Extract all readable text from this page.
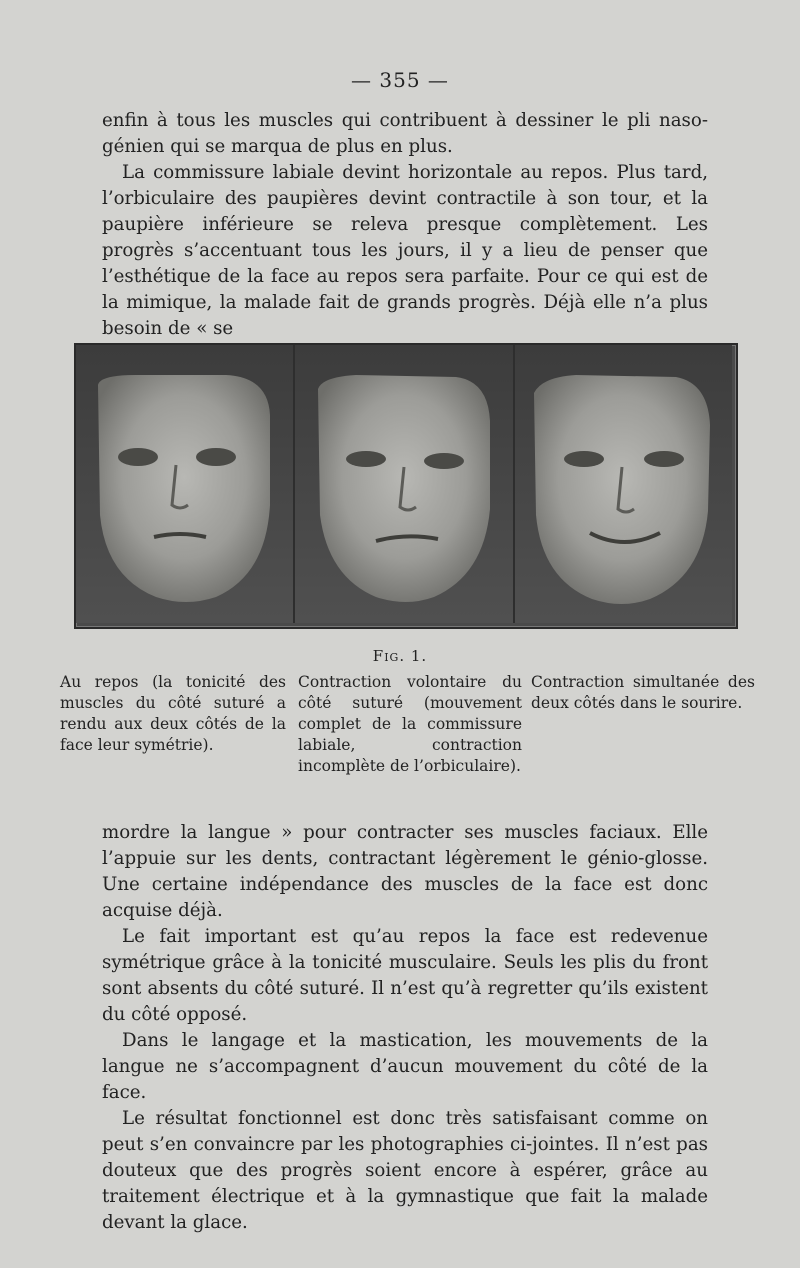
— 355 —

enfin à tous les muscles qui contribuent à dessiner le pli naso-génien qui se marqua de plus en plus.

La commissure labiale devint horizontale au repos. Plus tard, l’orbiculaire des paupières devint contractile à son tour, et la paupière inférieure se releva presque complètement. Les progrès s’accentuant tous les jours, il y a lieu de penser que l’esthétique de la face au repos sera parfaite. Pour ce qui est de la mimique, la malade fait de grands progrès. Déjà elle n’a plus besoin de « se

Fig. 1.

Au repos (la tonicité des muscles du côté suturé a rendu aux deux côtés de la face leur symétrie).

Contraction volontaire du côté suturé (mouvement complet de la commissure labiale, contraction incomplète de l’orbiculaire).

Contraction simultanée des deux côtés dans le sourire.

mordre la langue » pour contracter ses muscles faciaux. Elle l’appuie sur les dents, contractant légèrement le génio-glosse. Une certaine indépendance des muscles de la face est donc acquise déjà.

Le fait important est qu’au repos la face est redevenue symétrique grâce à la tonicité musculaire. Seuls les plis du front sont absents du côté suturé. Il n’est qu’à regretter qu’ils existent du côté opposé.

Dans le langage et la mastication, les mouvements de la langue ne s’accompagnent d’aucun mouvement du côté de la face.

Le résultat fonctionnel est donc très satisfaisant comme on peut s’en convaincre par les photographies ci-jointes. Il n’est pas douteux que des progrès soient encore à espérer, grâce au traitement électrique et à la gymnastique que fait la malade devant la glace.
